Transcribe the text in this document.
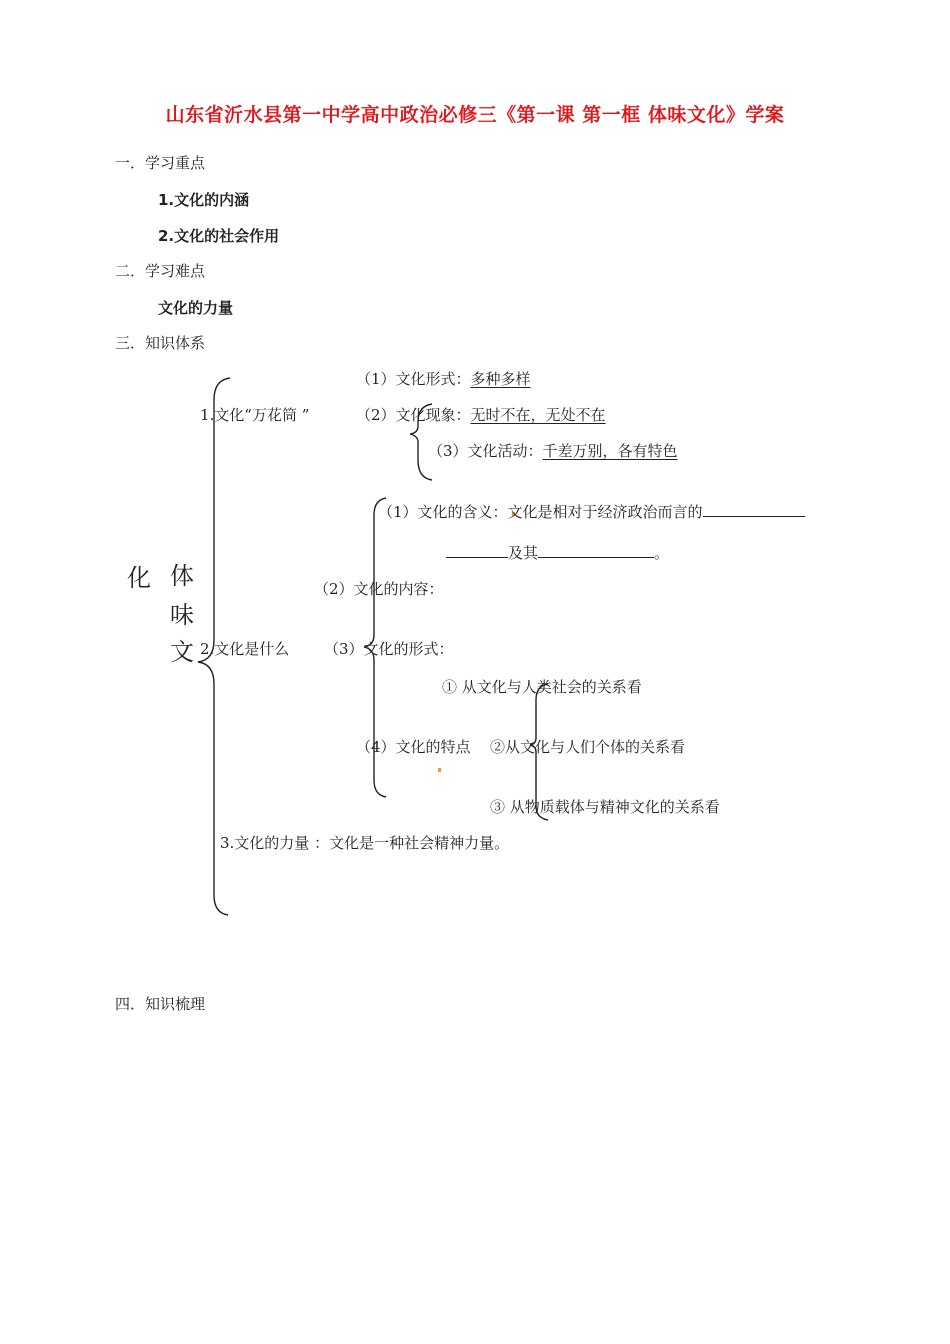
山东省沂水县第一中学高中政治必修三《第一课 第一框 体味文化》学案
一．学习重点
1.文化的内涵
2.文化的社会作用
二．学习难点
文化的力量
三．知识体系
体
味
文
化
1.文化“万花筒 ”
（1）文化形式：多种多样
（2）文化现象：无时不在，无处不在
（3）文化活动：千差万别，各有特色
2.文化是什么
（1）文化的含义：文化是相对于经济政治而言的
及其	。
（2）文化的内容：
（3）文化的形式：
（4）文化的特点
① 从文化与人类社会的关系看
②从文化与人们个体的关系看
③ 从物质载体与精神文化的关系看
3.文化的力量 ：文化是一种社会精神力量。
四．知识梳理
